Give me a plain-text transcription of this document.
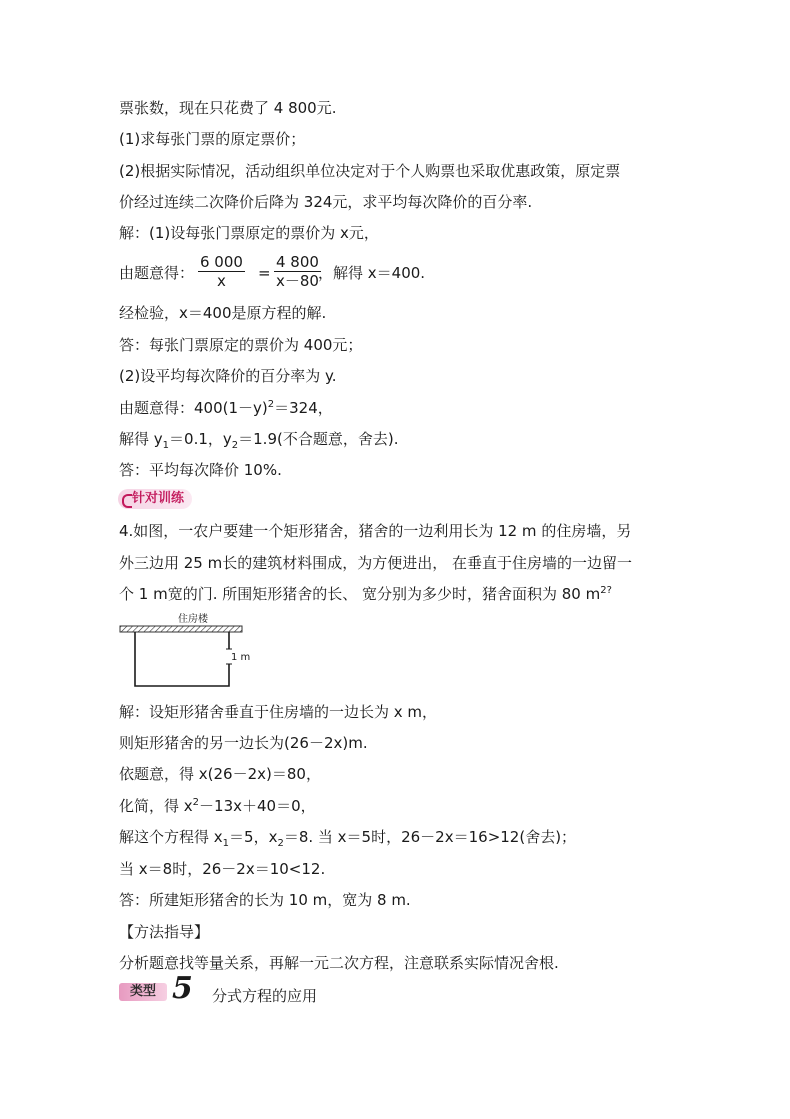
票张数，现在只花费了 4 800元.
(1)求每张门票的原定票价；
(2)根据实际情况，活动组织单位决定对于个人购票也采取优惠政策，原定票
价经过连续二次降价后降为 324元，求平均每次降价的百分率.
解：(1)设每张门票原定的票价为 x元，
由题意得： $\frac{6 000}{x} = \frac{4 800}{x-80}$
，解得 x＝400.
经检验，x＝400是原方程的解.
答：每张门票原定的票价为 400元；
(2)设平均每次降价的百分率为 y.
由题意得：$400(1-y)^2=324$，
解得 $y_1=0.1$，$y_2=1.9$(不合题意，舍去).
答：平均每次降价 10%.
针对训练
4.如图，一农户要建一个矩形猪舍，猪舍的一边利用长为 12 m 的住房墙，另
外三边用 25 m长的建筑材料围成，为方便进出， 在垂直于住房墙的一边留一
个 1 m宽的门. 所围矩形猪舍的长、 宽分别为多少时，猪舍面积为 80 $m^{2?}$
住房楼
1 m
解：设矩形猪舍垂直于住房墙的一边长为 x m，
则矩形猪舍的另一边长为(26－2x)m.
依题意，得 x(26－2x)＝80，
化简，得 $x^2-13x+40=0$，
解这个方程得 $x_1=5$，$x_2=8$. 当 x＝5时，26－2x＝16>12(舍去)；
当 x＝8时，26－2x＝10<12.
答：所建矩形猪舍的长为 10 m，宽为 8 m.
【方法指导】
分析题意找等量关系，再解一元二次方程，注意联系实际情况舍根.
类型 5 分式方程的应用
